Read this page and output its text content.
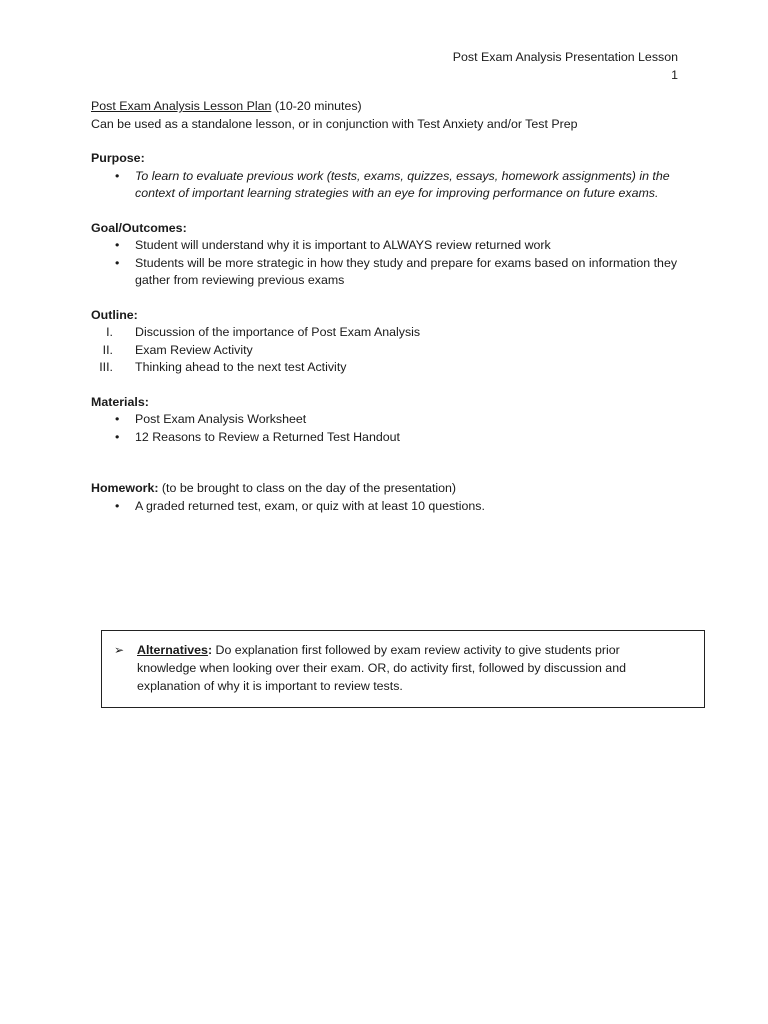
Post Exam Analysis Presentation Lesson
1
Post Exam Analysis Lesson Plan (10-20 minutes)
Can be used as a standalone lesson, or in conjunction with Test Anxiety and/or Test Prep
Purpose:
• To learn to evaluate previous work (tests, exams, quizzes, essays, homework assignments) in the context of important learning strategies with an eye for improving performance on future exams.
Goal/Outcomes:
• Student will understand why it is important to ALWAYS review returned work
• Students will be more strategic in how they study and prepare for exams based on information they gather from reviewing previous exams
Outline:
I. Discussion of the importance of Post Exam Analysis
II. Exam Review Activity
III. Thinking ahead to the next test Activity
Materials:
• Post Exam Analysis Worksheet
• 12 Reasons to Review a Returned Test Handout
Homework: (to be brought to class on the day of the presentation)
• A graded returned test, exam, or quiz with at least 10 questions.
➢	Alternatives: Do explanation first followed by exam review activity to give students prior knowledge when looking over their exam. OR, do activity first, followed by discussion and explanation of why it is important to review tests.
